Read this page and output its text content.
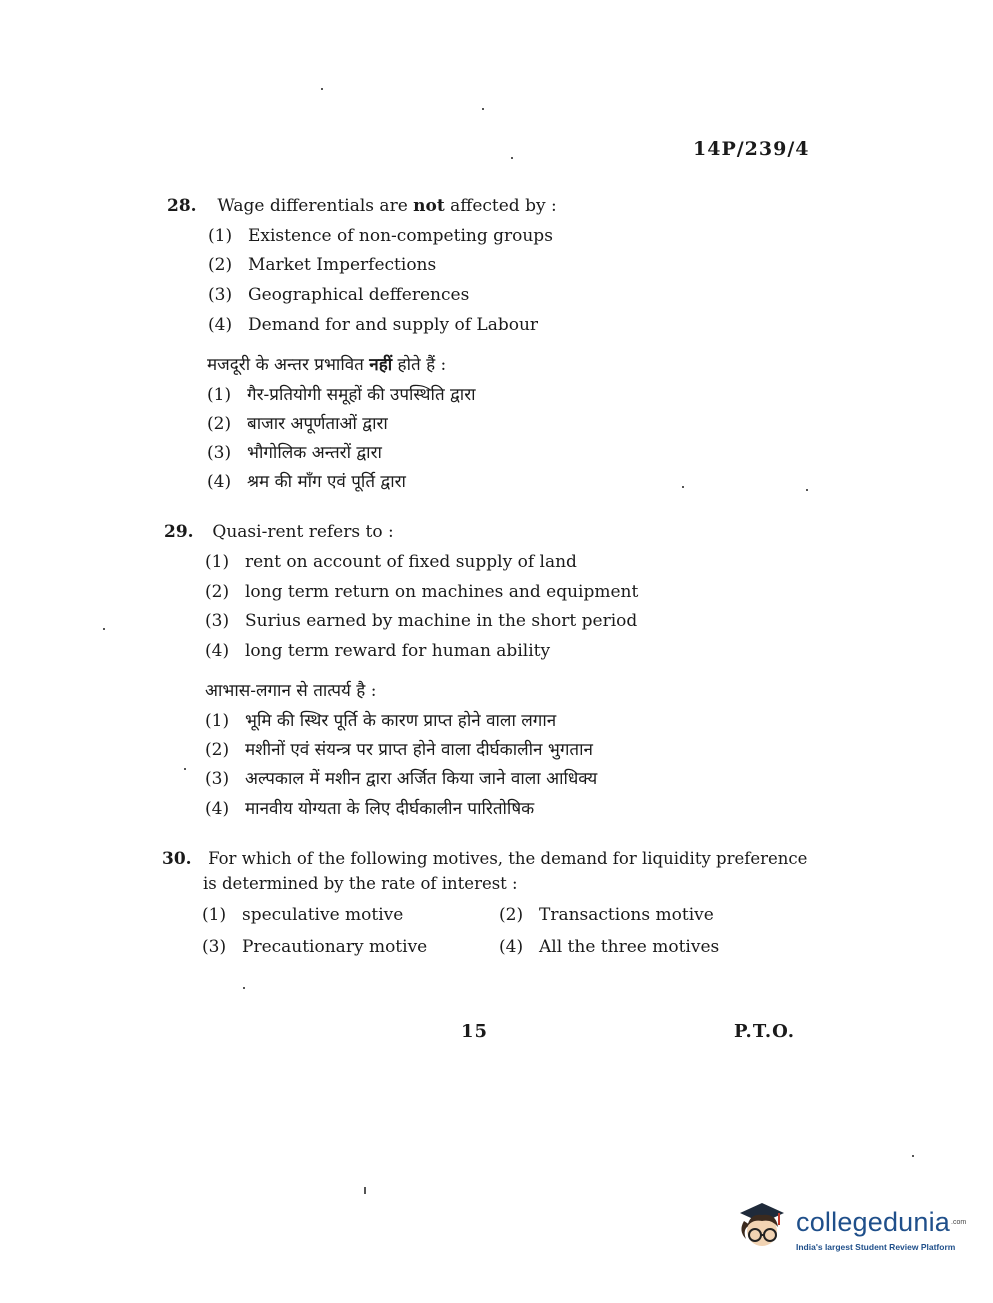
14P/239/4
28. Wage differentials are not affected by :
(1) Existence of non-competing groups
(2) Market Imperfections
(3) Geographical defferences
(4) Demand for and supply of Labour
मजदूरी के अन्तर प्रभावित नहीं होते हैं :
(1) गैर-प्रतियोगी समूहों की उपस्थिति द्वारा
(2) बाजार अपूर्णताओं द्वारा
(3) भौगोलिक अन्तरों द्वारा
(4) श्रम की माँग एवं पूर्ति द्वारा
29. Quasi-rent refers to :
(1) rent on account of fixed supply of land
(2) long term return on machines and equipment
(3) Surius earned by machine in the short period
(4) long term reward for human ability
आभास-लगान से तात्पर्य है :
(1) भूमि की स्थिर पूर्ति के कारण प्राप्त होने वाला लगान
(2) मशीनों एवं संयन्त्र पर प्राप्त होने वाला दीर्घकालीन भुगतान
(3) अल्पकाल में मशीन द्वारा अर्जित किया जाने वाला आधिक्य
(4) मानवीय योग्यता के लिए दीर्घकालीन पारितोषिक
30. For which of the following motives, the demand for liquidity preference
is determined by the rate of interest :
(1) speculative motive	(2) Transactions motive
(3) Precautionary motive	(4) All the three motives
15	P.T.O.
collegedunia .com
India's largest Student Review Platform
